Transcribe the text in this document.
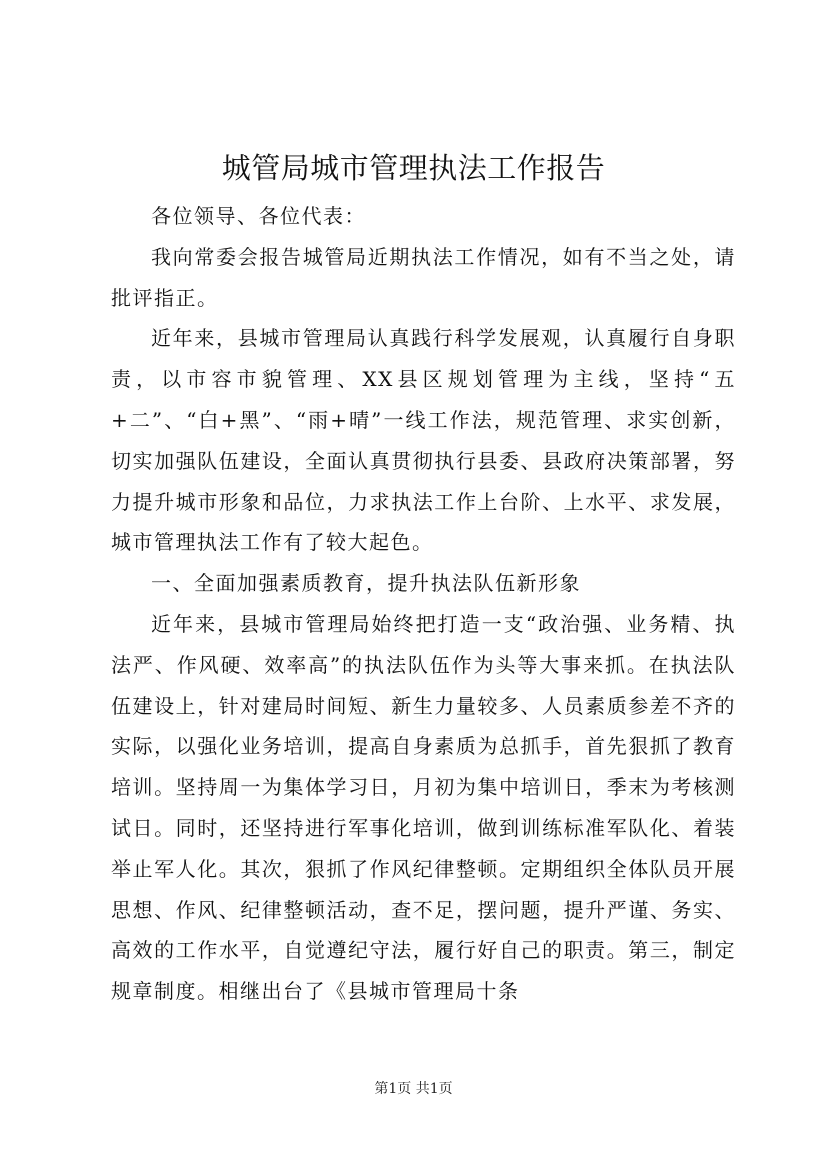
城管局城市管理执法工作报告

各位领导、各位代表：

我向常委会报告城管局近期执法工作情况，如有不当之处，请批评指正。

近年来，县城市管理局认真践行科学发展观，认真履行自身职责，以市容市貌管理、XX县区规划管理为主线，坚持“五+二”、“白+黑”、“雨+晴”一线工作法，规范管理、求实创新，切实加强队伍建设，全面认真贯彻执行县委、县政府决策部署，努力提升城市形象和品位，力求执法工作上台阶、上水平、求发展，城市管理执法工作有了较大起色。

一、全面加强素质教育，提升执法队伍新形象

近年来，县城市管理局始终把打造一支“政治强、业务精、执法严、作风硬、效率高”的执法队伍作为头等大事来抓。在执法队伍建设上，针对建局时间短、新生力量较多、人员素质参差不齐的实际，以强化业务培训，提高自身素质为总抓手，首先狠抓了教育培训。坚持周一为集体学习日，月初为集中培训日，季末为考核测试日。同时，还坚持进行军事化培训，做到训练标准军队化、着装举止军人化。其次，狠抓了作风纪律整顿。定期组织全体队员开展思想、作风、纪律整顿活动，查不足，摆问题，提升严谨、务实、高效的工作水平，自觉遵纪守法，履行好自己的职责。第三，制定规章制度。相继出台了《县城市管理局十条

第1页 共1页
